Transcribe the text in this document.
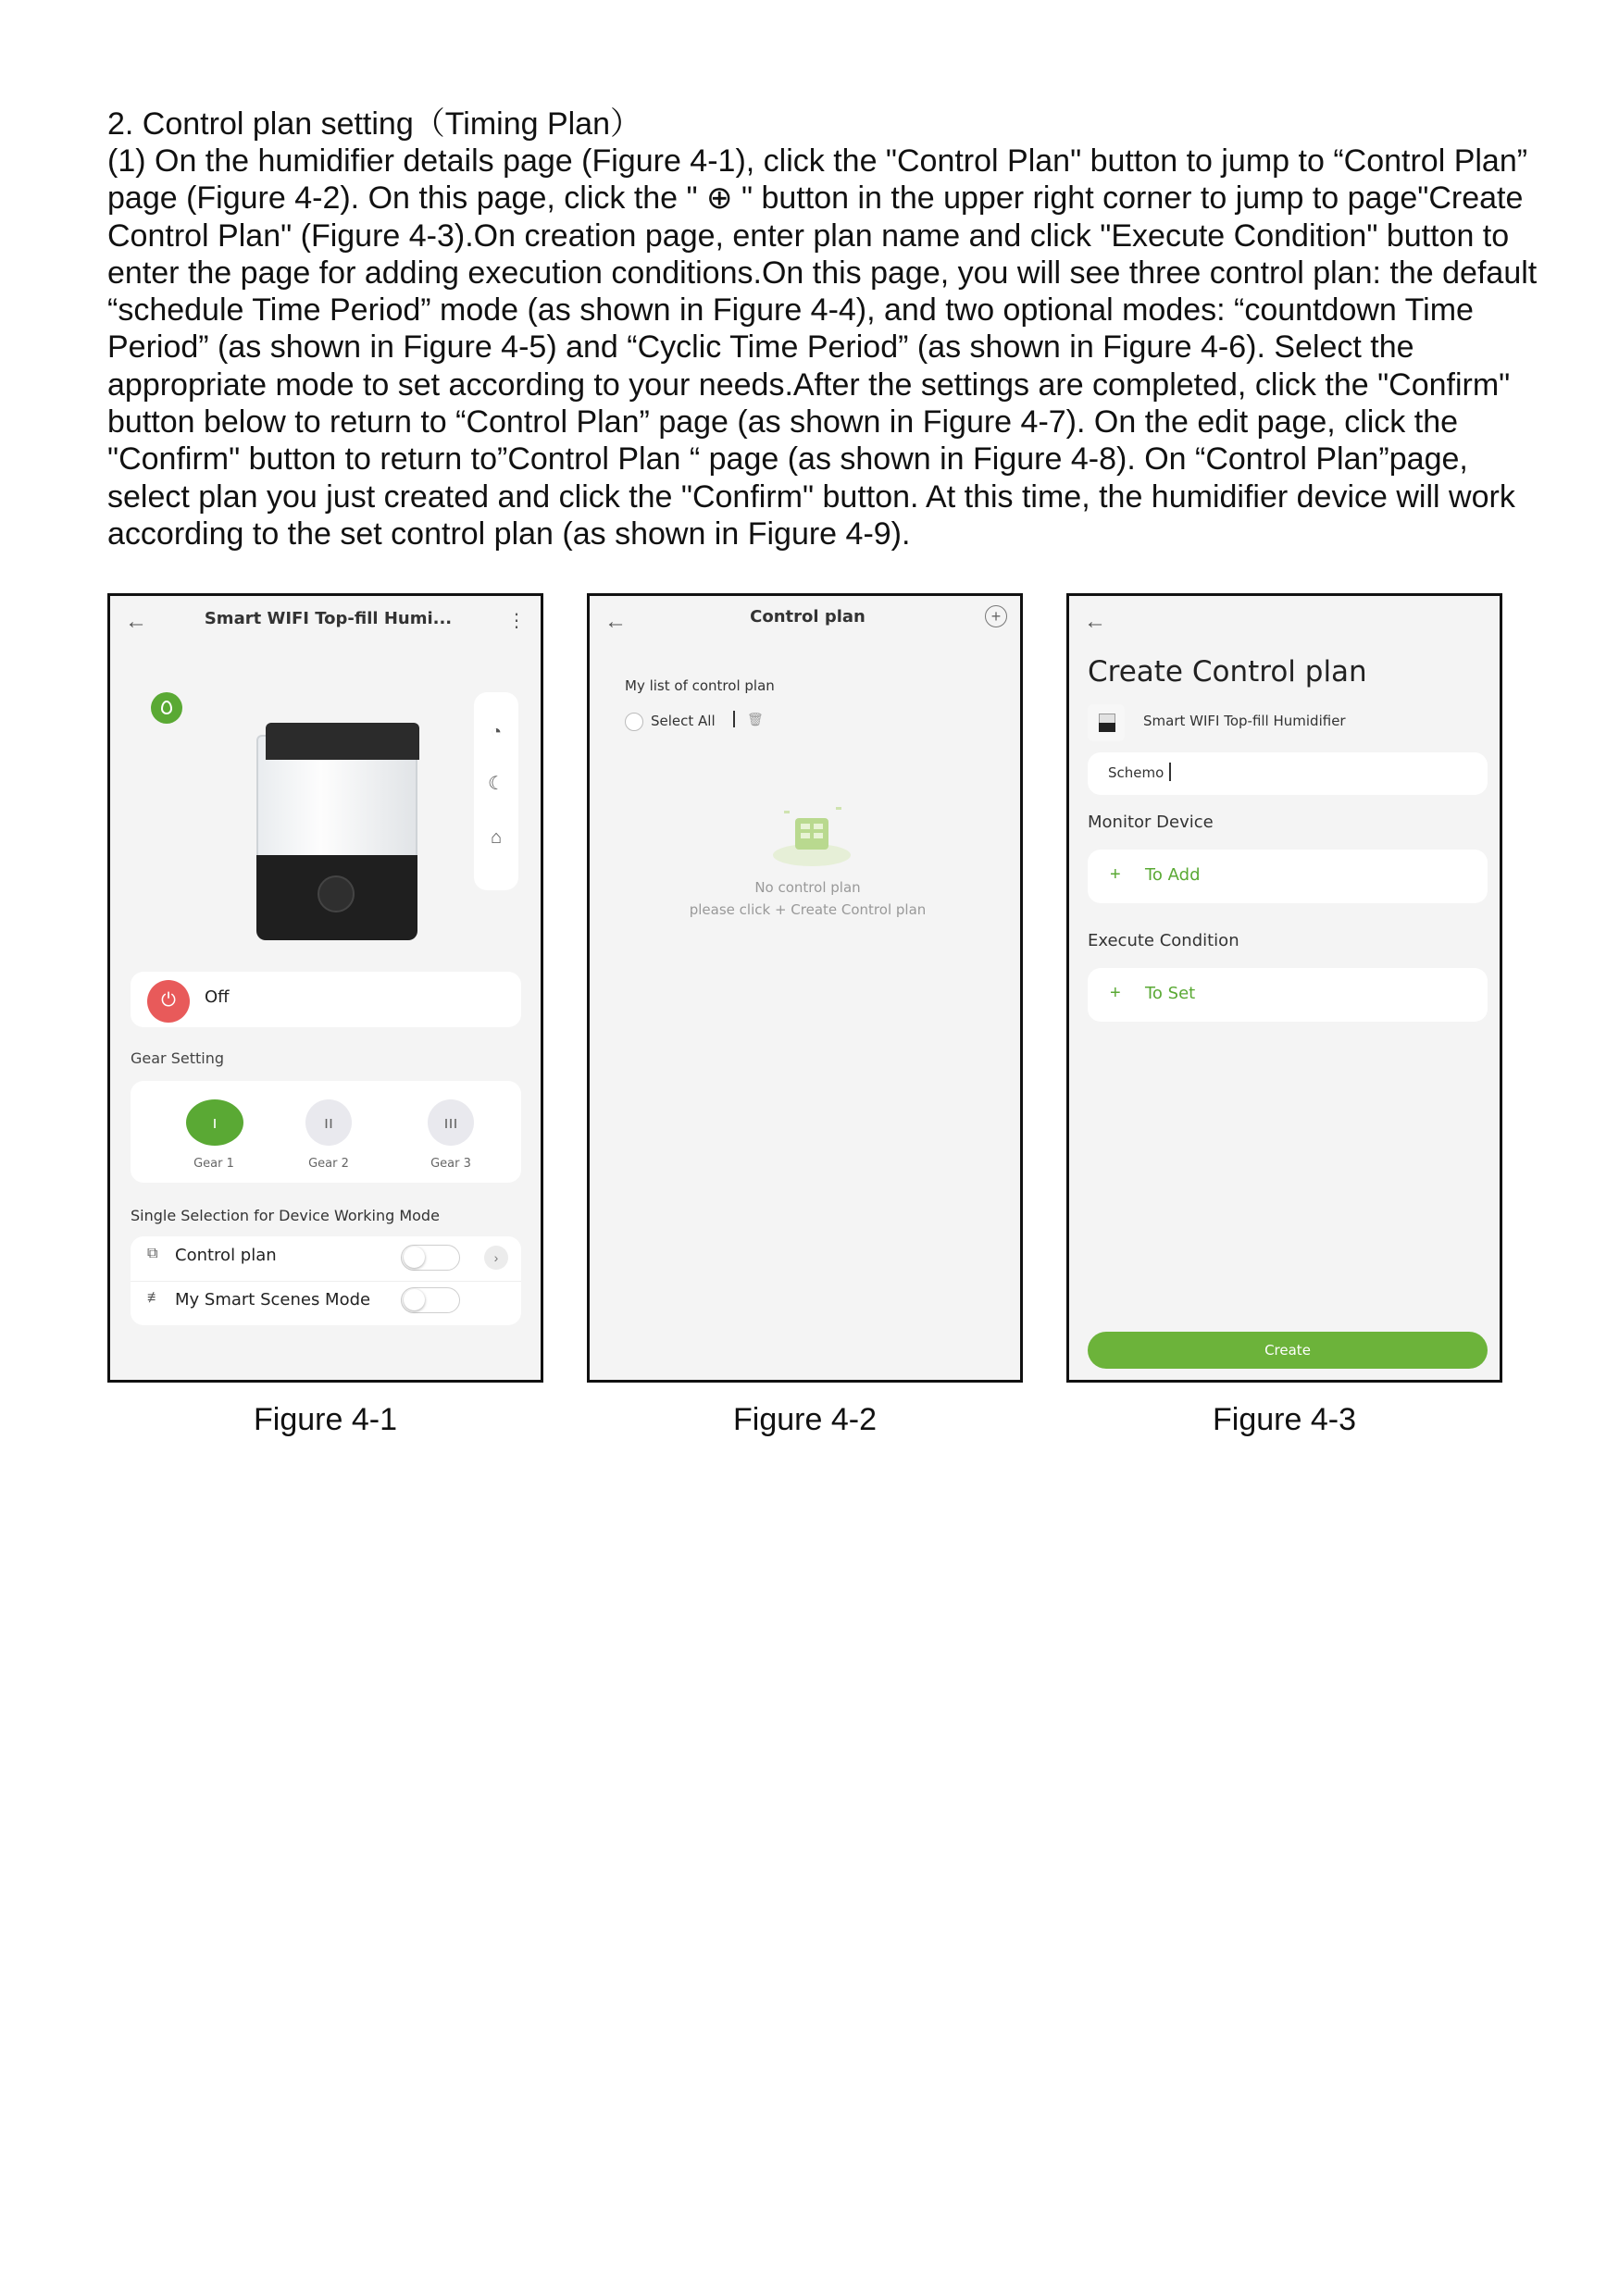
2. Control plan setting（Timing Plan）
(1) On the humidifier details page (Figure 4-1), click the "Control Plan" button to jump to “Control Plan”
page (Figure 4-2). On this page, click the " ⊕ " button in the upper right corner to jump to page"Create
Control Plan" (Figure 4-3).On creation page, enter plan name and click "Execute Condition" button to
enter the page for adding execution conditions.On this page, you will see three control plan: the default
“schedule Time Period” mode (as shown in Figure 4-4), and two optional modes: “countdown Time
Period” (as shown in Figure 4-5) and “Cyclic Time Period” (as shown in Figure 4-6). Select the
appropriate mode to set according to your needs.After the settings are completed, click the "Confirm"
button below to return to “Control Plan” page (as shown in Figure 4-7). On the edit page, click the
"Confirm" button to return to”Control Plan “ page (as shown in Figure 4-8). On “Control Plan”page,
select plan you just created and click the "Confirm" button. At this time, the humidifier device will work
according to the set control plan (as shown in Figure 4-9).
←	Smart WIFI Top-fill Humi...	⋮
◔
☾
⌂
⏻	Off
Gear Setting
ı
Gear 1
ıı
Gear 2
ııı
Gear 3
Single Selection for Device Working Mode
⧉ Control plan	›
≢ My Smart Scenes Mode
←	Control plan	+
My list of control plan
Select All 🗑
No control plan
please click + Create Control plan
←
Create Control plan
Smart WIFI Top-fill Humidifier
Schemo
Monitor Device
+ To Add
Execute Condition
+ To Set
Create
Figure 4-1	Figure 4-2	Figure 4-3
